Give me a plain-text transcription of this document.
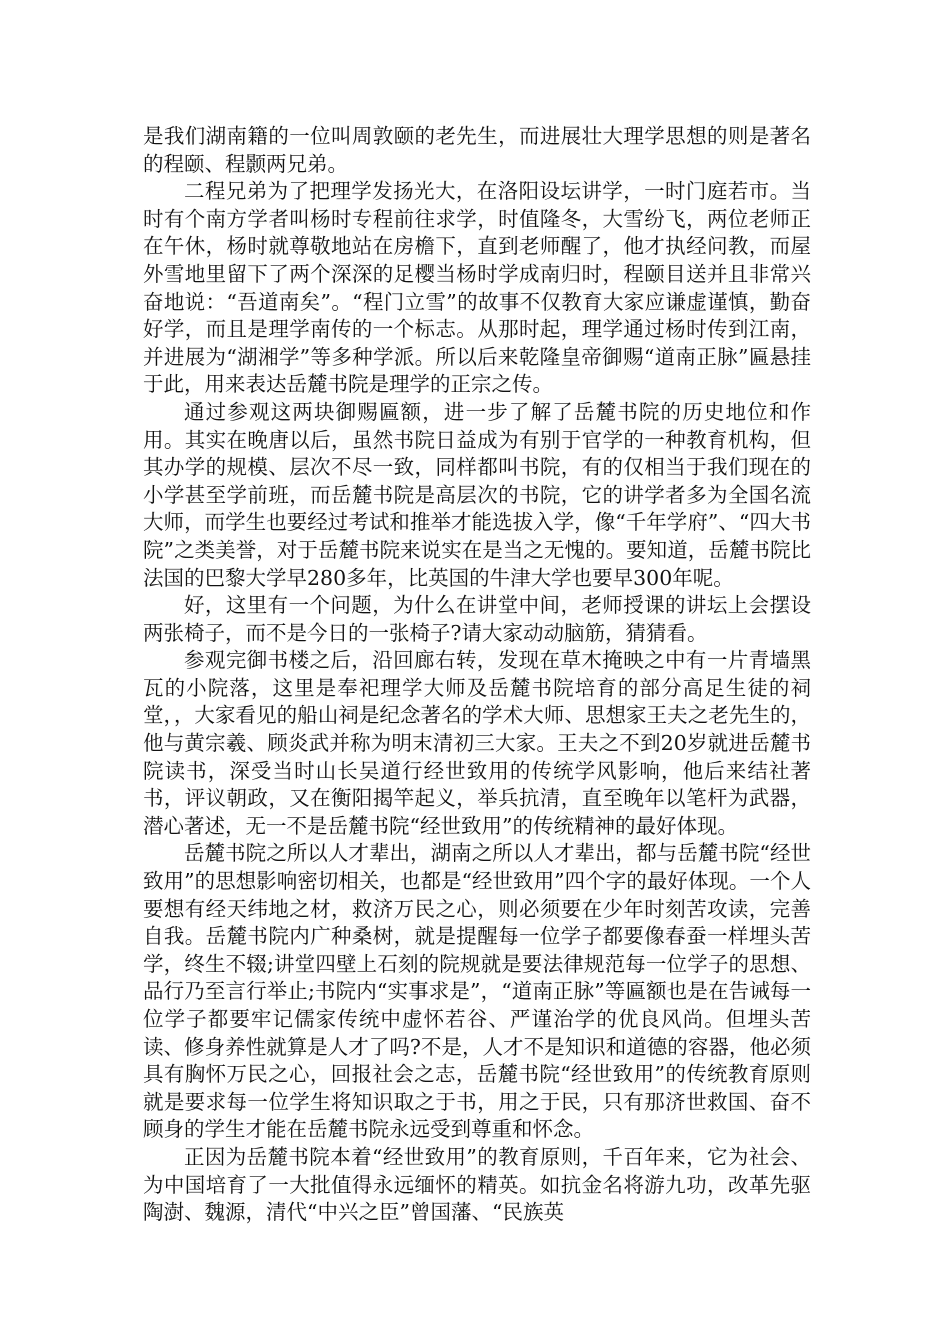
是我们湖南籍的一位叫周敦颐的老先生，而进展壮大理学思想的则是著名的程颐、程颢两兄弟。

二程兄弟为了把理学发扬光大，在洛阳设坛讲学，一时门庭若市。当时有个南方学者叫杨时专程前往求学，时值隆冬，大雪纷飞，两位老师正在午休，杨时就尊敬地站在房檐下，直到老师醒了，他才执经问教，而屋外雪地里留下了两个深深的足樱当杨时学成南归时，程颐目送并且非常兴奋地说：“吾道南矣”。“程门立雪”的故事不仅教育大家应谦虚谨慎，勤奋好学，而且是理学南传的一个标志。从那时起，理学通过杨时传到江南，并进展为“湖湘学”等多种学派。所以后来乾隆皇帝御赐“道南正脉”匾悬挂于此，用来表达岳麓书院是理学的正宗之传。

通过参观这两块御赐匾额，进一步了解了岳麓书院的历史地位和作用。其实在晚唐以后，虽然书院日益成为有别于官学的一种教育机构，但其办学的规模、层次不尽一致，同样都叫书院，有的仅相当于我们现在的小学甚至学前班，而岳麓书院是高层次的书院，它的讲学者多为全国名流大师，而学生也要经过考试和推举才能选拔入学，像“千年学府”、“四大书院”之类美誉，对于岳麓书院来说实在是当之无愧的。要知道，岳麓书院比法国的巴黎大学早280多年，比英国的牛津大学也要早300年呢。

好，这里有一个问题，为什么在讲堂中间，老师授课的讲坛上会摆设两张椅子，而不是今日的一张椅子?请大家动动脑筋，猜猜看。

参观完御书楼之后，沿回廊右转，发现在草木掩映之中有一片青墙黑瓦的小院落，这里是奉祀理学大师及岳麓书院培育的部分高足生徒的祠堂，，大家看见的船山祠是纪念著名的学术大师、思想家王夫之老先生的，他与黄宗羲、顾炎武并称为明末清初三大家。王夫之不到20岁就进岳麓书院读书，深受当时山长吴道行经世致用的传统学风影响，他后来结社著书，评议朝政，又在衡阳揭竿起义，举兵抗清，直至晚年以笔杆为武器，潜心著述，无一不是岳麓书院“经世致用”的传统精神的最好体现。

岳麓书院之所以人才辈出，湖南之所以人才辈出，都与岳麓书院“经世致用”的思想影响密切相关，也都是“经世致用”四个字的最好体现。一个人要想有经天纬地之材，救济万民之心，则必须要在少年时刻苦攻读，完善自我。岳麓书院内广种桑树，就是提醒每一位学子都要像春蚕一样埋头苦学，终生不辍;讲堂四壁上石刻的院规就是要法律规范每一位学子的思想、品行乃至言行举止;书院内“实事求是”，“道南正脉”等匾额也是在告诫每一位学子都要牢记儒家传统中虚怀若谷、严谨治学的优良风尚。但埋头苦读、修身养性就算是人才了吗?不是，人才不是知识和道德的容器，他必须具有胸怀万民之心，回报社会之志，岳麓书院“经世致用”的传统教育原则就是要求每一位学生将知识取之于书，用之于民，只有那济世救国、奋不顾身的学生才能在岳麓书院永远受到尊重和怀念。

正因为岳麓书院本着“经世致用”的教育原则，千百年来，它为社会、为中国培育了一大批值得永远缅怀的精英。如抗金名将游九功，改革先驱陶澍、魏源，清代“中兴之臣”曾国藩、“民族英
